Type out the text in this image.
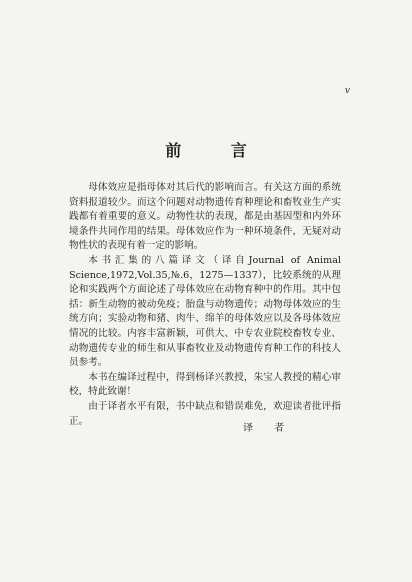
v
前 言

母体效应是指母体对其后代的影响而言。有关这方面的系统资料报道较少。而这个问题对动物遗传育种理论和畜牧业生产实践都有着重要的意义。动物性状的表现，都是由基因型和内外环境条件共同作用的结果。母体效应作为一种环境条件，无疑对动物性状的表现有着一定的影响。

本书汇集的八篇译文（译自Journal of Animal Science,1972,Vol.35,№.6，1275—1337），比较系统的从理论和实践两个方面论述了母体效应在动物育种中的作用。其中包括：新生动物的被动免疫；胎盘与动物遗传；动物母体效应的生统方向；实验动物和猪、肉牛、绵羊的母体效应以及各母体效应情况的比较。内容丰富新颖，可供大、中专农业院校畜牧专业、动物遗传专业的师生和从事畜牧业及动物遗传育种工作的科技人员参考。

本书在编译过程中，得到杨译兴教授，朱宝人教授的精心审校，特此致谢！

由于译者水平有限，书中缺点和错误难免，欢迎读者批评指正。

译 者
